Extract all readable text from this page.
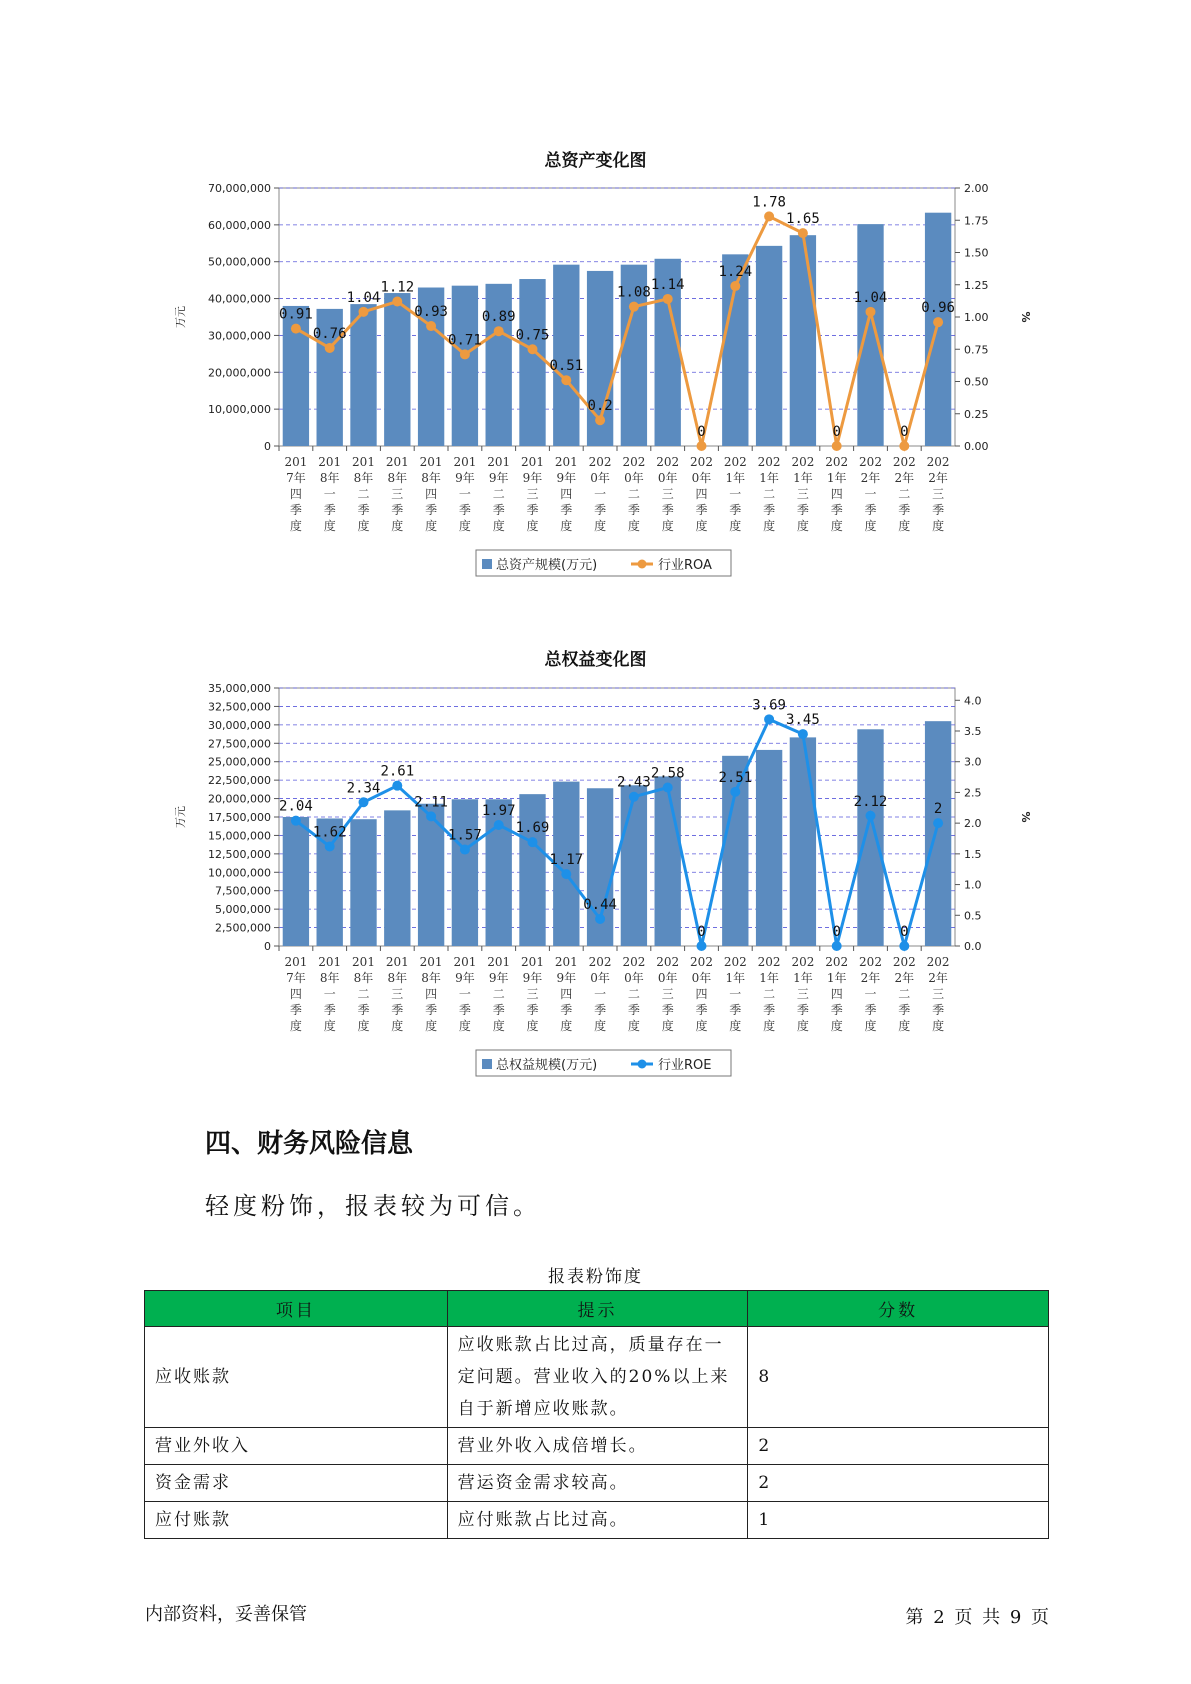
总资产变化图
0
10,000,000
20,000,000
30,000,000
40,000,000
50,000,000
60,000,000
70,000,000
0.00
0.25
0.50
0.75
1.00
1.25
1.50
1.75
2.00
万元	%
201
7年
四
季
度
201
8年
一
季
度
201
8年
二
季
度
201
8年
三
季
度
201
8年
四
季
度
201
9年
一
季
度
201
9年
二
季
度
201
9年
三
季
度
201
9年
四
季
度
202
0年
一
季
度
202
0年
二
季
度
202
0年
三
季
度
202
0年
四
季
度
202
1年
一
季
度
202
1年
二
季
度
202
1年
三
季
度
202
1年
四
季
度
202
2年
一
季
度
202
2年
二
季
度
202
2年
三
季
度
0.91
0.76
1.04
1.12
0.93
0.71
0.89
0.75
0.51
0.2
1.08 1.14
0
1.24
1.78
1.65
0
1.04
0
0.96
总资产规模(万元)	行业ROA
总权益变化图
0
2,500,000
5,000,000
7,500,000
10,000,000
12,500,000
15,000,000
17,500,000
20,000,000
22,500,000
25,000,000
27,500,000
30,000,000
32,500,000
35,000,000
0.0
0.5
1.0
1.5
2.0
2.5
3.0
3.5
4.0
万元	%
201
7年
四
季
度
201
8年
一
季
度
201
8年
二
季
度
201
8年
三
季
度
201
8年
四
季
度
201
9年
一
季
度
201
9年
二
季
度
201
9年
三
季
度
201
9年
四
季
度
202
0年
一
季
度
202
0年
二
季
度
202
0年
三
季
度
202
0年
四
季
度
202
1年
一
季
度
202
1年
二
季
度
202
1年
三
季
度
202
1年
四
季
度
202
2年
一
季
度
202
2年
二
季
度
202
2年
三
季
度
2.04
1.62
2.34
2.61
2.11
1.57
1.97
1.69
1.17
0.44
2.43
2.58
0
2.51
3.69
3.45
0
2.12
0
2
总权益规模(万元)	行业ROE
四、财务风险信息
轻度粉饰，报表较为可信。
报表粉饰度
项目	提示	分数
应收账款	应收账款占比过高，质量存在一定问题。营业收入的20%以上来自于新增应收账款。	8
营业外收入	营业外收入成倍增长。	2
资金需求	营运资金需求较高。	2
应付账款	应付账款占比过高。	1
内部资料，妥善保管	第 2 页 共 9 页
